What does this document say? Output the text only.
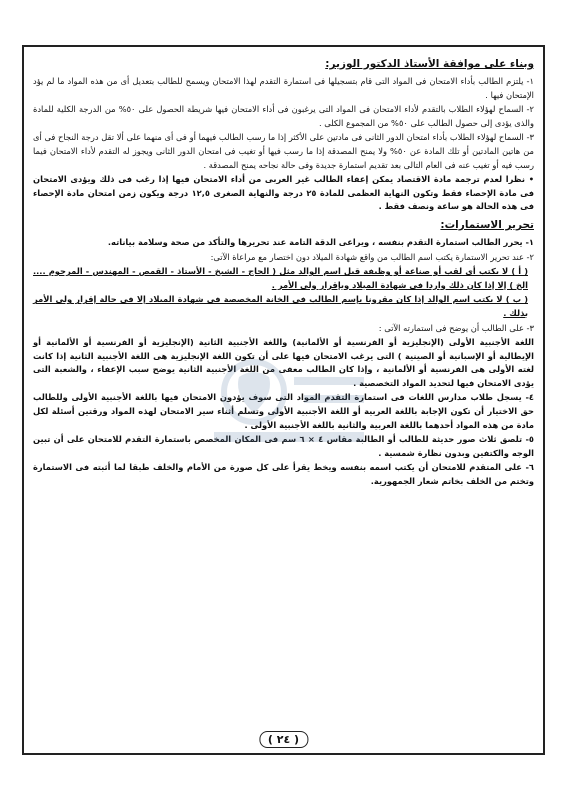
وبناء على موافقة الأستاذ الدكتور الوزير:

١- يلتزم الطالب بأداء الامتحان فى المواد التى قام بتسجيلها فى استمارة التقدم لهذا الامتحان ويسمح للطالب بتعديل أى من هذه المواد ما لم يؤد الإمتحان فيها .

٢- السماح لهؤلاء الطلاب بالتقدم لأداء الامتحان فى المواد التى يرغبون فى أداء الامتحان فيها شريطة الحصول على ٥٠% من الدرجة الكلية للمادة والذى يؤدى إلى حصول الطالب على ٥٠% من المجموع الكلى .

٣- السماح لهؤلاء الطلاب بأداء امتحان الدور الثانى فى مادتين على الأكثر إذا ما رسب الطالب فيهما أو فى أى منهما على ألا تقل درجة النجاح فى أى من هاتين المادتين أو تلك المادة عن ٥٠% ولا يمنح المصدقة إذا ما رسب فيها أو تغيب فى امتحان الدور الثانى ويجوز له التقدم لأداء الامتحان فيما رسب فيه أو تغيب عنه فى العام التالى بعد تقديم استمارة جديدة وفى حالة نجاحه يمنح المصدقة .

• نظرا لعدم ترجمة مادة الاقتصاد يمكن إعفاء الطالب غير العربى من أداء الامتحان فيها إذا رغب فى ذلك ويؤدى الامتحان فى مادة الإحصاء فقط وتكون النهاية العظمى للمادة ٢٥ درجة والنهاية الصغرى ١٢,٥ درجة ويكون زمن امتحان مادة الإحصاء فى هذه الحالة هو ساعة ونصف فقط .

تحرير الاستمارات:

١- يحرر الطالب استمارة التقدم بنفسه ، ويراعى الدقة التامة عند تحريرها والتأكد من صحة وسلامة بياناته.

٢- عند تحرير الاستمارة يكتب اسم الطالب من واقع شهادة الميلاد دون اختصار مع مراعاة الآتى:

( أ ) لا يكتب أى لقب أو صناعة أو وظيفة قبل اسم الوالد مثل ( الحاج - الشيخ - الأستاذ - القمص - المهندس - المرحوم .... الخ ) إلا إذا كان ذلك واردا فى شهادة الميلاد وبإقرار ولى الأمر .

( ب ) لا يكتب اسم الوالد إذا كان مقرونا بإسم الطالب فى الخانة المخصصة فى شهادة الميلاد إلا فى حالة إقرار ولى الأمر بذلك .

٣- على الطالب أن يوضح فى استمارته الآتى :

اللغة الأجنبية الأولى (الإنجليزية أو الفرنسية أو الألمانية) واللغة الأجنبية الثانية (الإنجليزية أو الفرنسية أو الألمانية أو الإيطالية أو الإسبانية أو الصينية ) التى يرغب الامتحان فيها على أن تكون اللغة الإنجليزية هى اللغة الأجنبية الثانية إذا كانت لغته الأولى هى الفرنسية أو الألمانية ، وإذا كان الطالب معفى من اللغة الأجنبية الثانية يوضح سبب الإعفاء ، والشعبة التى يؤدى الامتحان فيها لتحديد المواد التخصصية .

٤- يسجل طلاب مدارس اللغات فى استمارة التقدم المواد التى سوف يؤدون الامتحان فيها باللغة الأجنبية الأولى وللطالب حق الاختيار أن تكون الإجابة باللغة العربية أو اللغة الأجنبية الأولى وتسلم أثناء سير الامتحان لهذه المواد ورقتين أسئلة لكل مادة من هذه المواد أحدهما باللغة العربية والثانية باللغة الأجنبية الأولى .

٥- تلصق ثلاث صور حديثة للطالب أو الطالبة مقاس ٤ × ٦ سم فى المكان المخصص باستمارة التقدم للامتحان على أن تبين الوجه والكتفين وبدون نظارة شمسية .

٦- على المتقدم للامتحان أن يكتب اسمه بنفسه ويخط يقرأ على كل صورة من الأمام والخلف طبقا لما أثبته فى الاستمارة وتختم من الخلف بخاتم شعار الجمهورية.

( ٢٤ )
